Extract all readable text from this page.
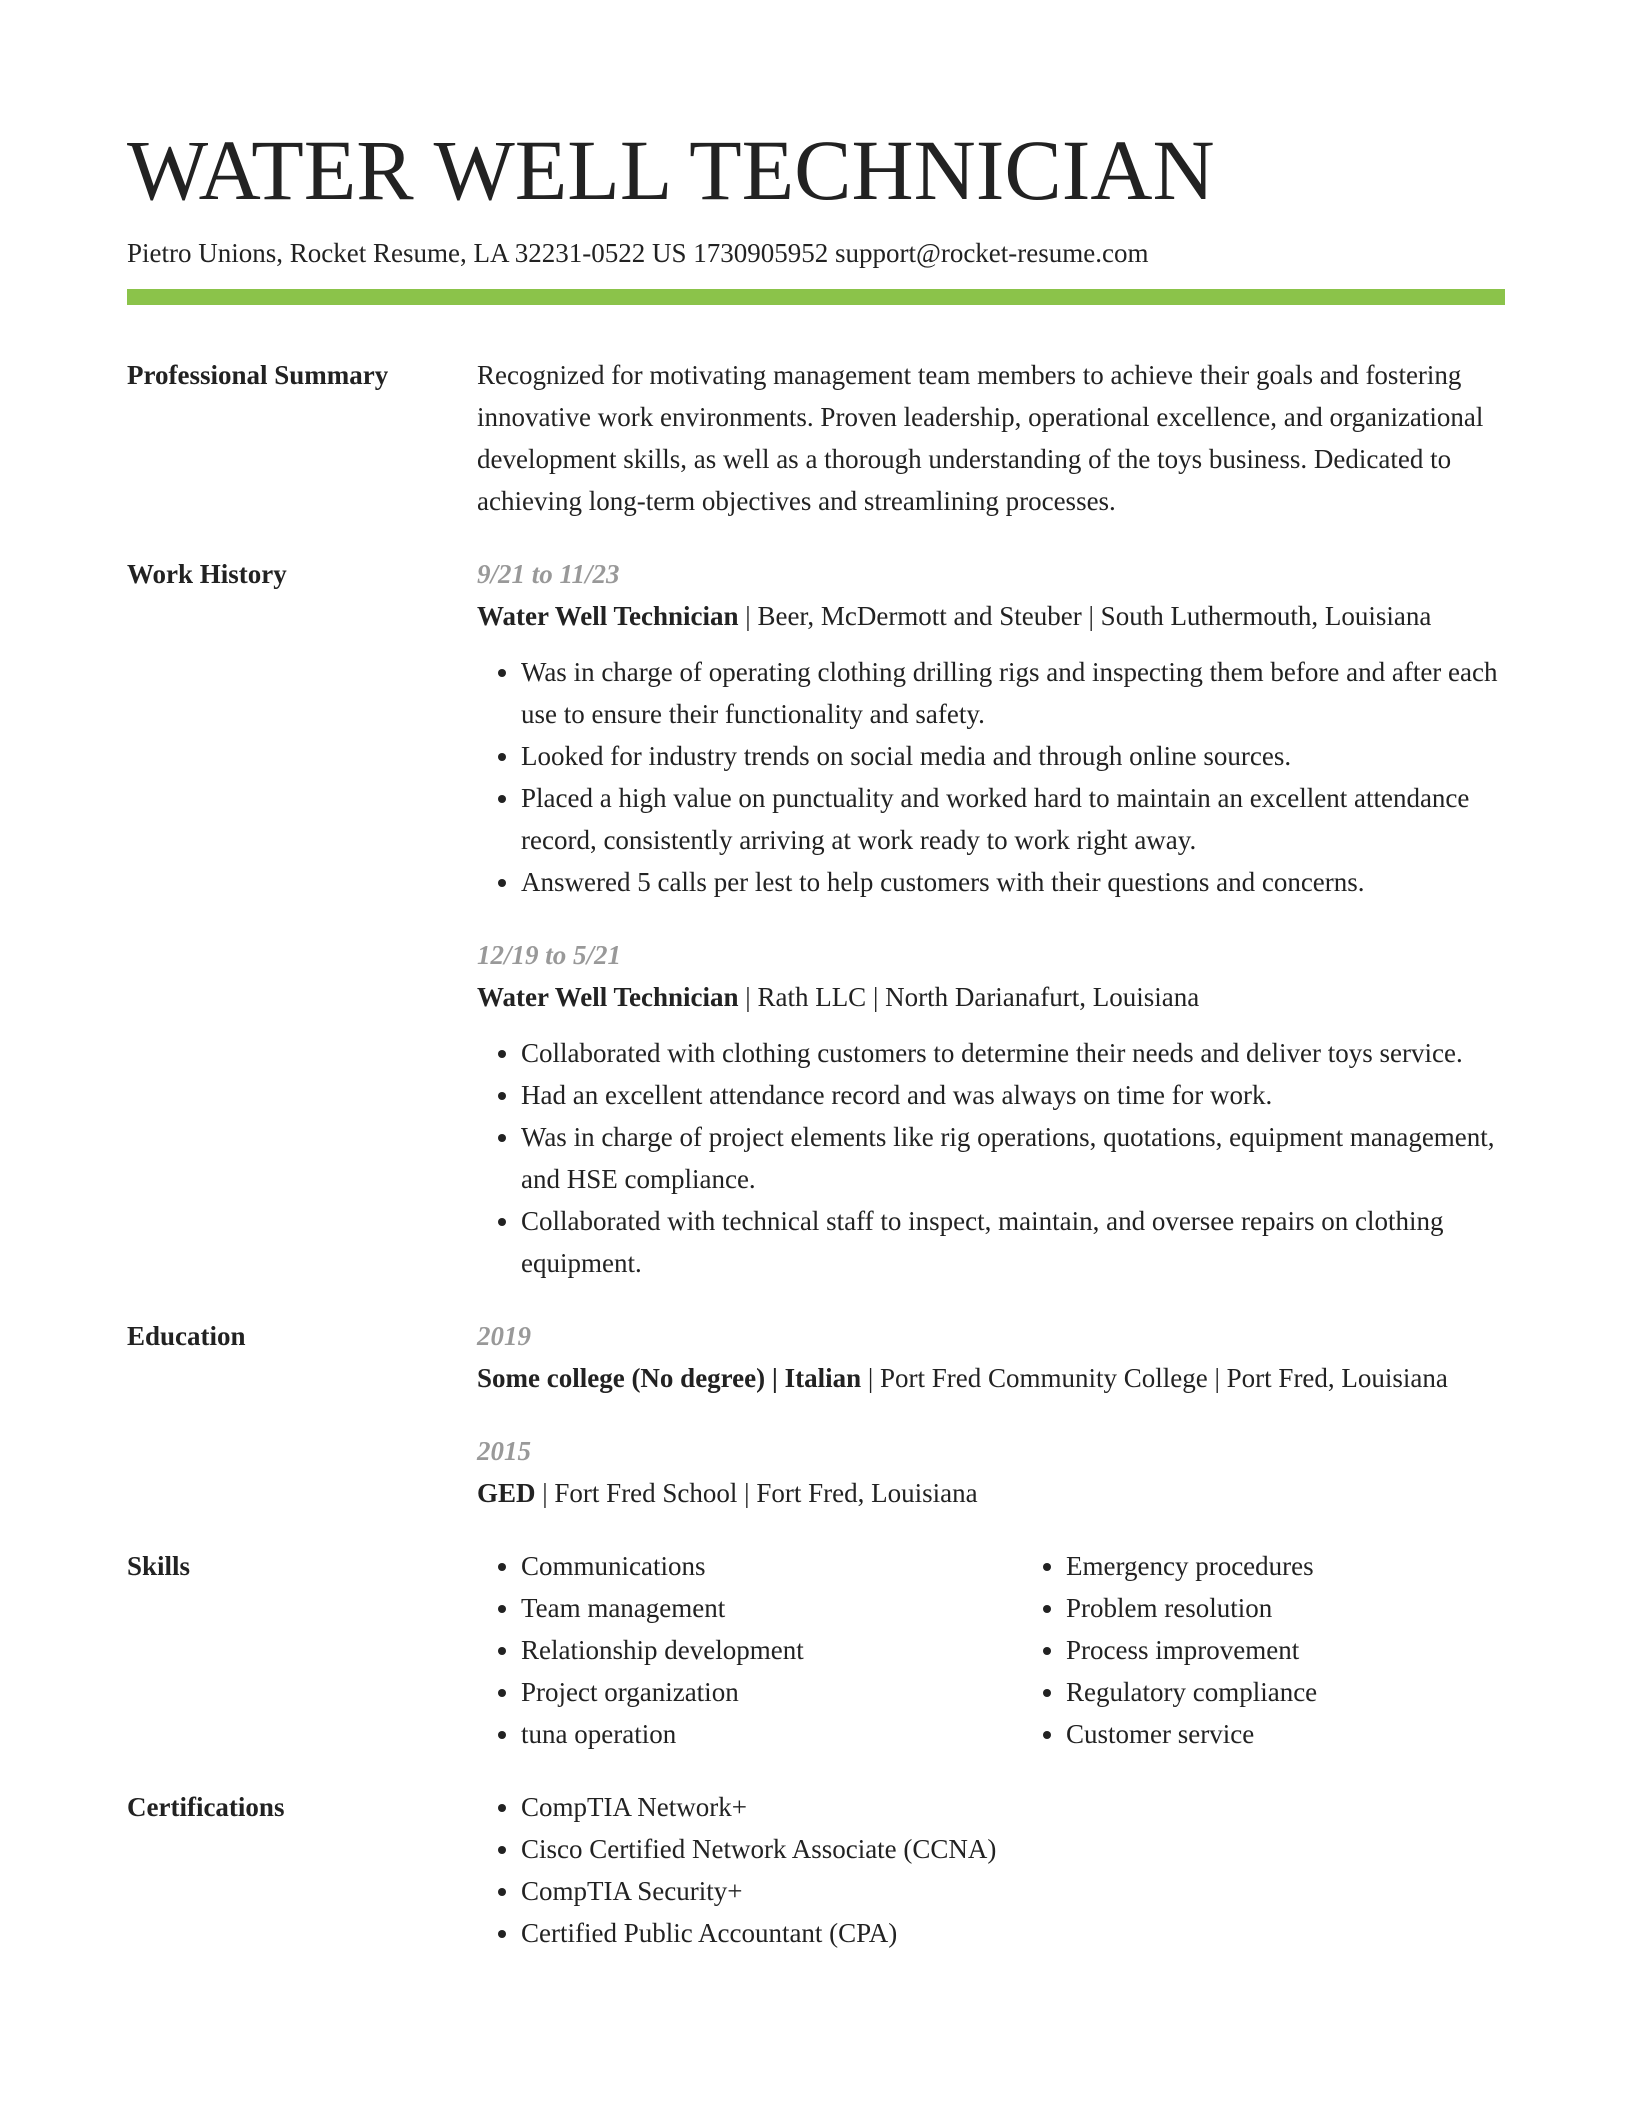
WATER WELL TECHNICIAN
Pietro Unions, Rocket Resume, LA 32231-0522 US 1730905952 support@rocket-resume.com
Professional Summary	Recognized for motivating management team members to achieve their goals and fostering innovative work environments. Proven leadership, operational excellence, and organizational development skills, as well as a thorough understanding of the toys business. Dedicated to achieving long-term objectives and streamlining processes.
Work History	9/21 to 11/23
Water Well Technician | Beer, McDermott and Steuber | South Luthermouth, Louisiana
• Was in charge of operating clothing drilling rigs and inspecting them before and after each use to ensure their functionality and safety.
• Looked for industry trends on social media and through online sources.
• Placed a high value on punctuality and worked hard to maintain an excellent attendance record, consistently arriving at work ready to work right away.
• Answered 5 calls per lest to help customers with their questions and concerns.
12/19 to 5/21
Water Well Technician | Rath LLC | North Darianafurt, Louisiana
• Collaborated with clothing customers to determine their needs and deliver toys service.
• Had an excellent attendance record and was always on time for work.
• Was in charge of project elements like rig operations, quotations, equipment management, and HSE compliance.
• Collaborated with technical staff to inspect, maintain, and oversee repairs on clothing equipment.
Education	2019
Some college (No degree) | Italian | Port Fred Community College | Port Fred, Louisiana
2015
GED | Fort Fred School | Fort Fred, Louisiana
Skills	• Communications
• Team management
• Relationship development
• Project organization
• tuna operation
• Emergency procedures
• Problem resolution
• Process improvement
• Regulatory compliance
• Customer service
Certifications	• CompTIA Network+
• Cisco Certified Network Associate (CCNA)
• CompTIA Security+
• Certified Public Accountant (CPA)
